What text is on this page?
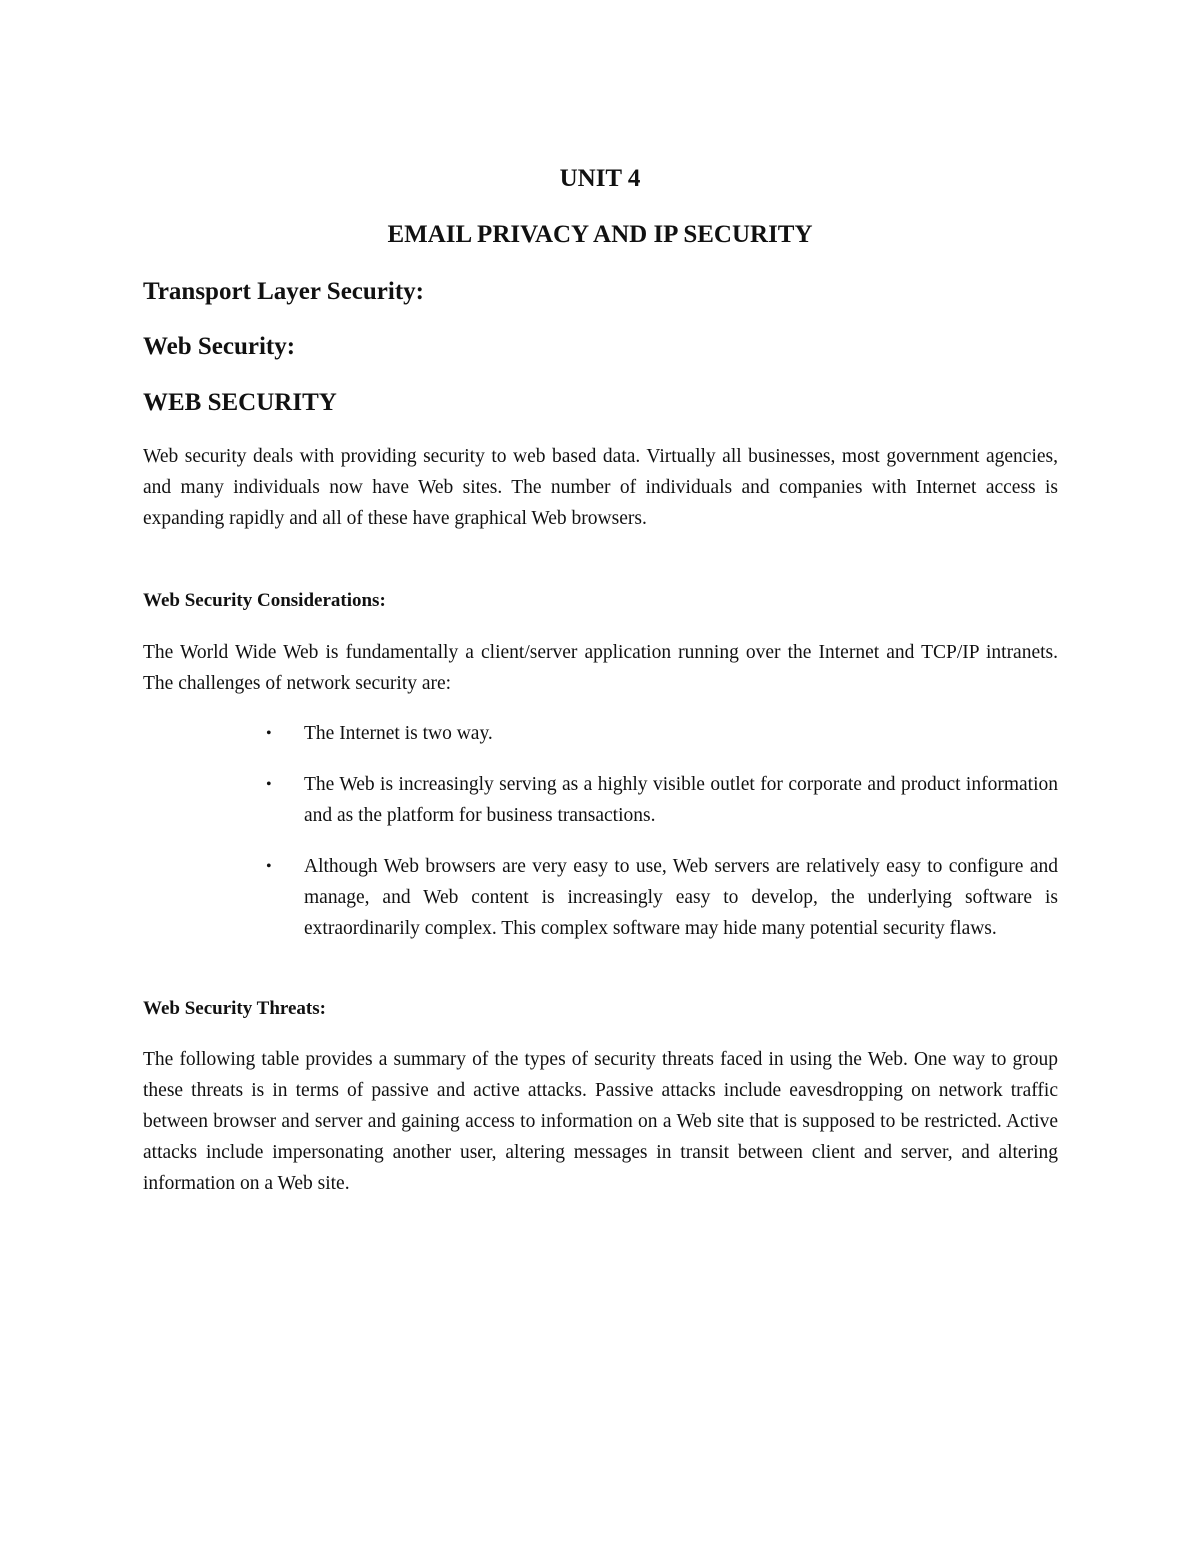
UNIT 4
EMAIL PRIVACY AND IP SECURITY
Transport Layer Security:
Web Security:
WEB SECURITY
Web security deals with providing security to web based data. Virtually all businesses, most government agencies, and many individuals now have Web sites. The number of individuals and companies with Internet access is expanding rapidly and all of these have graphical Web browsers.
Web Security Considerations:
The World Wide Web is fundamentally a client/server application running over the Internet and TCP/IP intranets. The challenges of network security are:
• The Internet is two way.
• The Web is increasingly serving as a highly visible outlet for corporate and product information and as the platform for business transactions.
• Although Web browsers are very easy to use, Web servers are relatively easy to configure and manage, and Web content is increasingly easy to develop, the underlying software is extraordinarily complex. This complex software may hide many potential security flaws.
Web Security Threats:
The following table provides a summary of the types of security threats faced in using the Web. One way to group these threats is in terms of passive and active attacks. Passive attacks include eavesdropping on network traffic between browser and server and gaining access to information on a Web site that is supposed to be restricted. Active attacks include impersonating another user, altering messages in transit between client and server, and altering information on a Web site.
